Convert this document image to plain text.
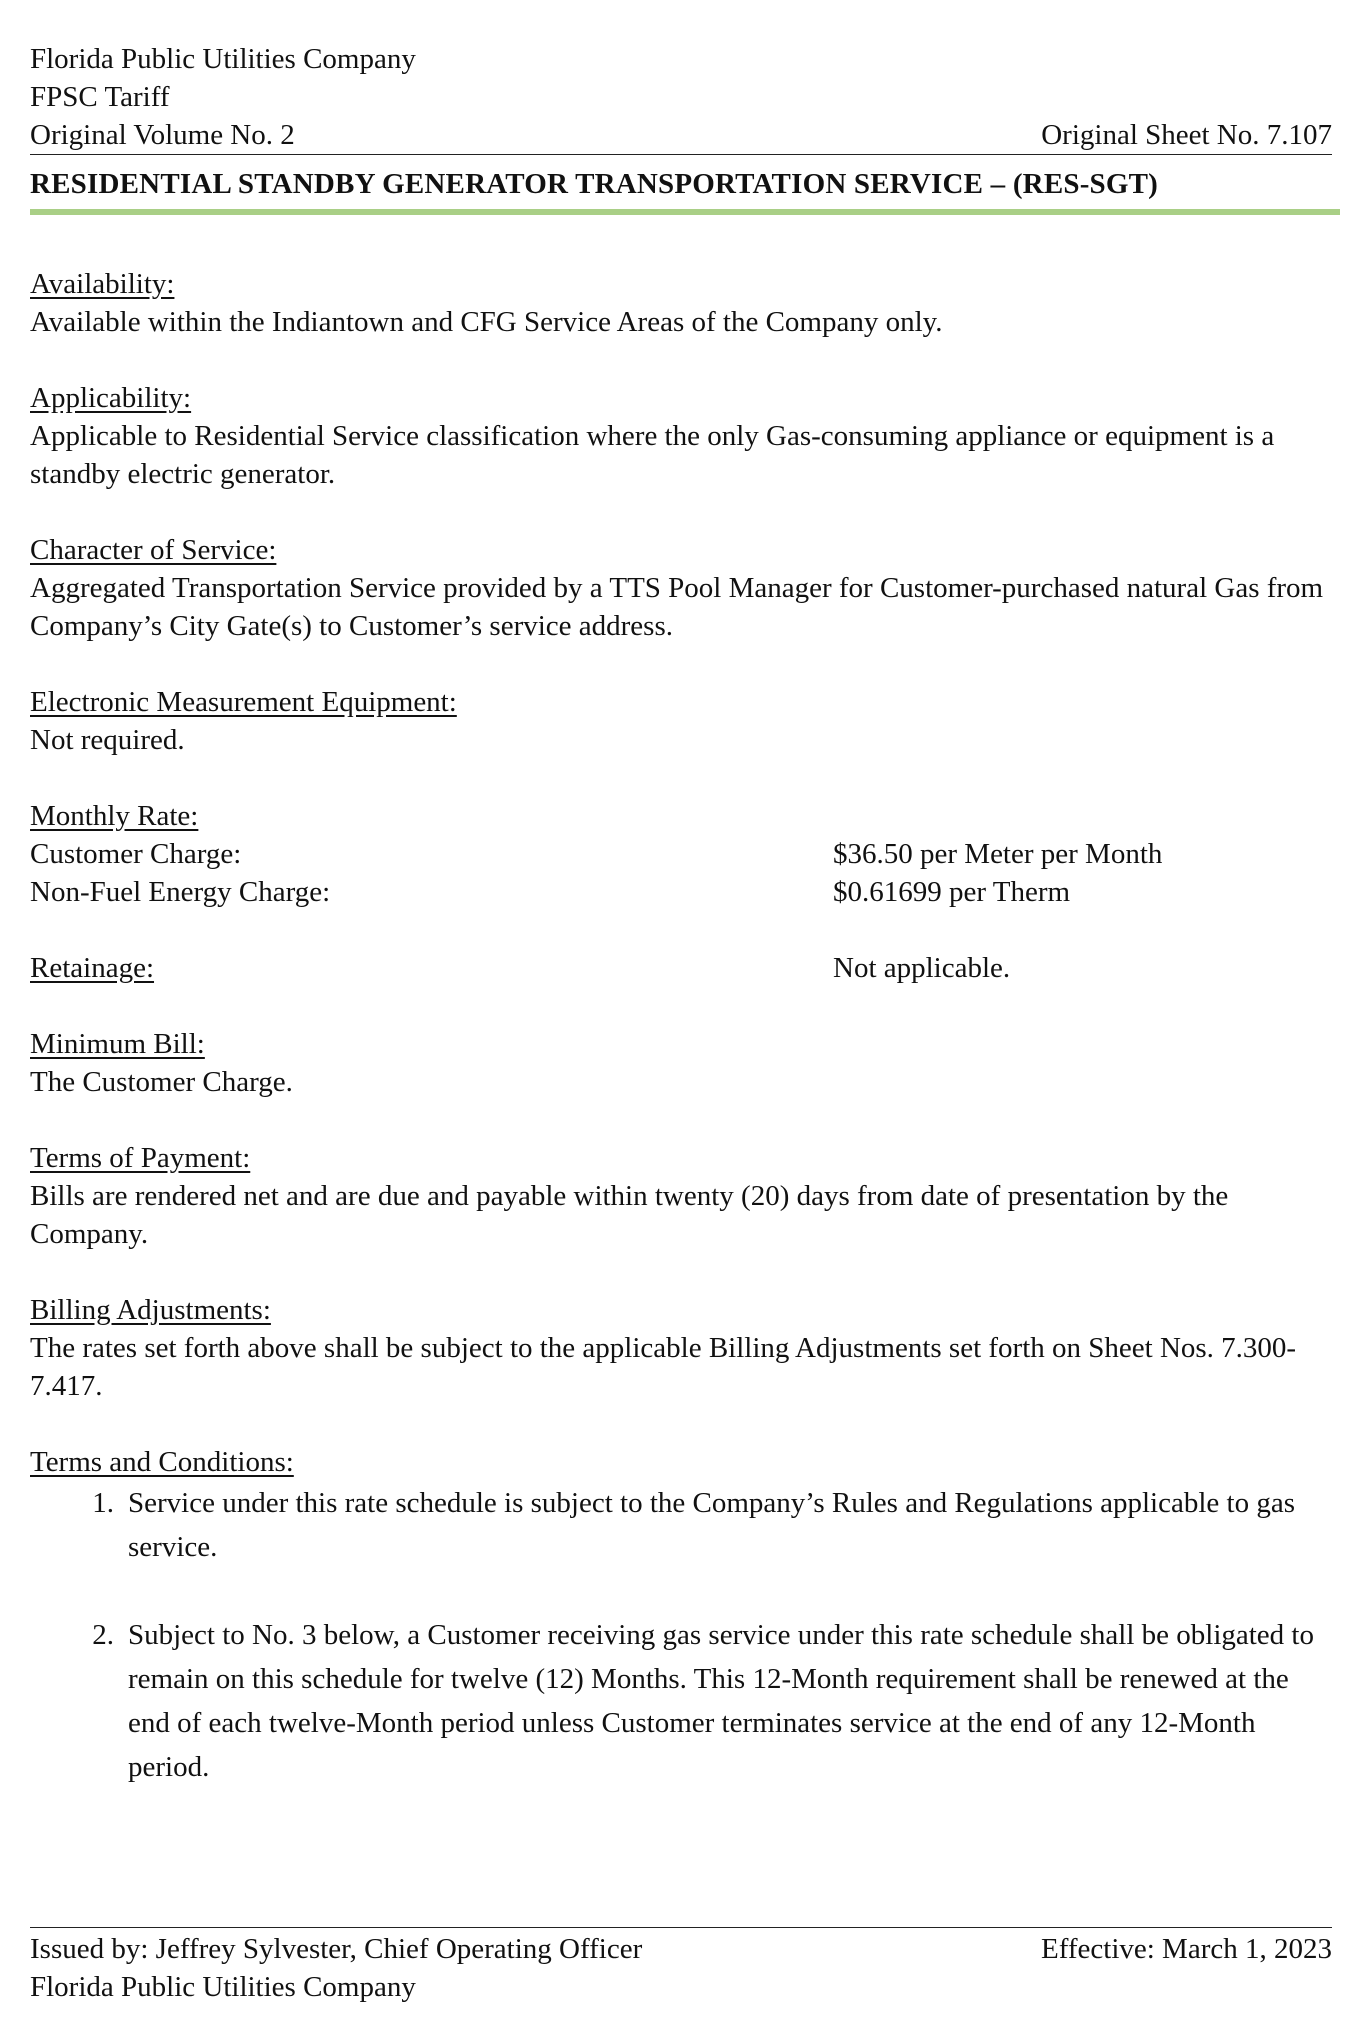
Florida Public Utilities Company
FPSC Tariff
Original Volume No. 2	Original Sheet No. 7.107
RESIDENTIAL STANDBY GENERATOR TRANSPORTATION SERVICE – (RES-SGT)
Availability:
Available within the Indiantown and CFG Service Areas of the Company only.
Applicability:
Applicable to Residential Service classification where the only Gas-consuming appliance or equipment is a standby electric generator.
Character of Service:
Aggregated Transportation Service provided by a TTS Pool Manager for Customer-purchased natural Gas from Company’s City Gate(s) to Customer’s service address.
Electronic Measurement Equipment:
Not required.
Monthly Rate:
Customer Charge:	$36.50 per Meter per Month
Non-Fuel Energy Charge:	$0.61699 per Therm
Retainage:	Not applicable.
Minimum Bill:
The Customer Charge.
Terms of Payment:
Bills are rendered net and are due and payable within twenty (20) days from date of presentation by the Company.
Billing Adjustments:
The rates set forth above shall be subject to the applicable Billing Adjustments set forth on Sheet Nos. 7.300-7.417.
Terms and Conditions:
1. Service under this rate schedule is subject to the Company’s Rules and Regulations applicable to gas service.
2. Subject to No. 3 below, a Customer receiving gas service under this rate schedule shall be obligated to remain on this schedule for twelve (12) Months. This 12-Month requirement shall be renewed at the end of each twelve-Month period unless Customer terminates service at the end of any 12-Month period.
Issued by: Jeffrey Sylvester, Chief Operating Officer	Effective: March 1, 2023
Florida Public Utilities Company
